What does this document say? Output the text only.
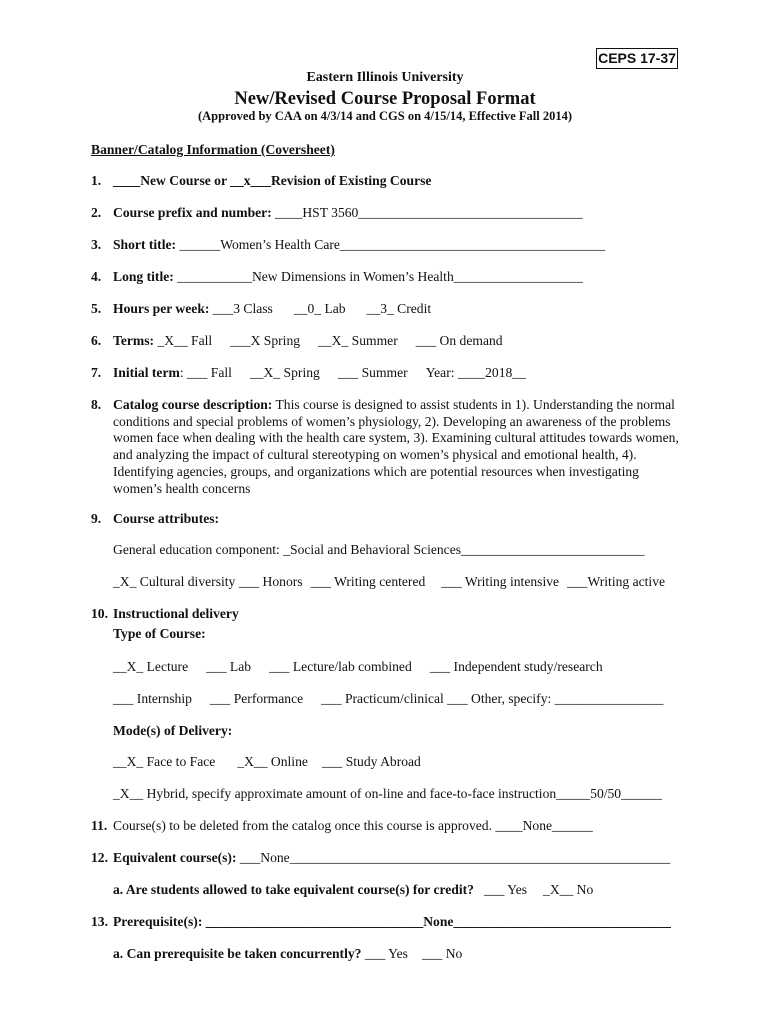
CEPS 17-37
Eastern Illinois University
New/Revised Course Proposal Format
(Approved by CAA on 4/3/14 and CGS on 4/15/14, Effective Fall 2014)
Banner/Catalog Information (Coversheet)
1. ____New Course or __x___Revision of Existing Course
2. Course prefix and number: ____HST 3560_________________________________
3. Short title: ______Women’s Health Care_______________________________________
4. Long title: ___________New Dimensions in Women’s Health___________________
5. Hours per week: ___3 Class __0_ Lab __3_ Credit
6. Terms: _X__ Fall ___X Spring __X_ Summer ___ On demand
7. Initial term: ___ Fall __X_ Spring ___ Summer Year: ____2018__
8. Catalog course description: This course is designed to assist students in 1). Understanding the normal conditions and special problems of women’s physiology, 2). Developing an awareness of the problems women face when dealing with the health care system, 3). Examining cultural attitudes towards women, and analyzing the impact of cultural stereotyping on women’s physical and emotional health, 4). Identifying agencies, groups, and organizations which are potential resources when investigating women’s health concerns
9. Course attributes:
General education component: _Social and Behavioral Sciences___________________________
_X_ Cultural diversity ___ Honors ___ Writing centered ___ Writing intensive ___Writing active
10. Instructional delivery
Type of Course:
__X_ Lecture ___ Lab ___ Lecture/lab combined ___ Independent study/research
___ Internship ___ Performance ___ Practicum/clinical ___ Other, specify: ________________
Mode(s) of Delivery:
__X_ Face to Face _X__ Online ___ Study Abroad
_X__ Hybrid, specify approximate amount of on-line and face-to-face instruction_____50/50______
11. Course(s) to be deleted from the catalog once this course is approved. ____None______
12. Equivalent course(s): ___None________________________________________________________
a. Are students allowed to take equivalent course(s) for credit? ___ Yes _X__ No
13. Prerequisite(s): ________________________________None________________________________
a. Can prerequisite be taken concurrently? ___ Yes ___ No
